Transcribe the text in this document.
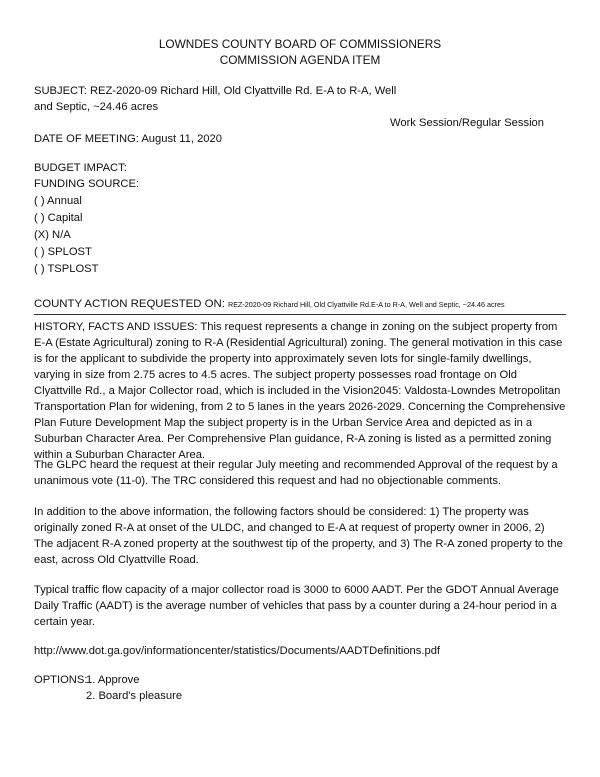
LOWNDES COUNTY BOARD OF COMMISSIONERS
COMMISSION AGENDA ITEM
SUBJECT: REZ-2020-09 Richard Hill, Old Clyattville Rd. E-A to R-A, Well
and Septic, ~24.46 acres
Work Session/Regular Session
DATE OF MEETING: August 11, 2020
BUDGET IMPACT:
FUNDING SOURCE:
( ) Annual
( ) Capital
(X) N/A
( ) SPLOST
( ) TSPLOST
COUNTY ACTION REQUESTED ON: REZ-2020-09 Richard Hill, Old Clyattville Rd.E-A to R-A, Well and Septic, ~24.46 acres
HISTORY, FACTS AND ISSUES: This request represents a change in zoning on the subject property from E-A (Estate Agricultural) zoning to R-A (Residential Agricultural) zoning. The general motivation in this case is for the applicant to subdivide the property into approximately seven lots for single-family dwellings, varying in size from 2.75 acres to 4.5 acres. The subject property possesses road frontage on Old Clyattville Rd., a Major Collector road, which is included in the Vision2045: Valdosta-Lowndes Metropolitan Transportation Plan for widening, from 2 to 5 lanes in the years 2026-2029. Concerning the Comprehensive Plan Future Development Map the subject property is in the Urban Service Area and depicted as in a Suburban Character Area. Per Comprehensive Plan guidance, R-A zoning is listed as a permitted zoning within a Suburban Character Area.
The GLPC heard the request at their regular July meeting and recommended Approval of the request by a unanimous vote (11-0). The TRC considered this request and had no objectionable comments.
In addition to the above information, the following factors should be considered: 1) The property was originally zoned R-A at onset of the ULDC, and changed to E-A at request of property owner in 2006, 2) The adjacent R-A zoned property at the southwest tip of the property, and 3) The R-A zoned property to the east, across Old Clyattville Road.
Typical traffic flow capacity of a major collector road is 3000 to 6000 AADT. Per the GDOT Annual Average Daily Traffic (AADT) is the average number of vehicles that pass by a counter during a 24-hour period in a certain year.
http://www.dot.ga.gov/informationcenter/statistics/Documents/AADTDefinitions.pdf
OPTIONS:
1. Approve
2. Board's pleasure
